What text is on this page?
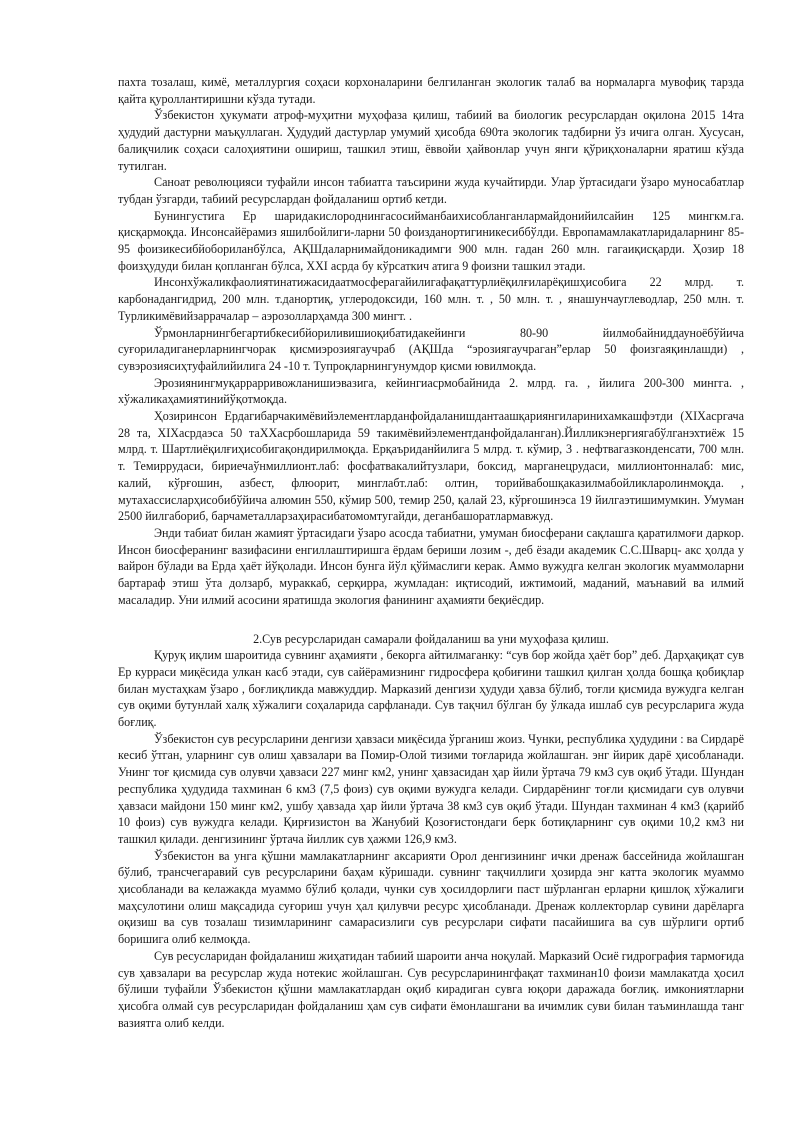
пахта тозалаш, кимё, металлургия соҳаси корхоналарини белгиланган экологик талаб ва нормаларга мувофиқ тарзда қайта қуроллантиришни кўзда тутади.

Ўзбекистон ҳукумати атроф-муҳитни муҳофаза қилиш, табиий ва биологик ресурслардан оқилона 2015 14та ҳудудий дастурни маъқуллаган. Ҳудудий дастурлар умумий ҳисобда 690та экологик тадбирни ўз ичига олган. Хусусан, балиқчилик соҳаси салоҳиятини ошириш, ташкил этиш, ёввойи ҳайвонлар учун янги қўриқхоналарни яратиш кўзда тутилган.

Саноат революцияси туфайли инсон табиатга таъсирини жуда кучайтирди. Улар ўртасидаги ўзаро муносабатлар тубдан ўзгарди, табиий ресурслардан фойдаланиш ортиб кетди.

Бунингустига Ер шаридакислороднингасосийманбаихисобланганлармайдонийилсайин 125 мингкм.га. қисқармоқда. Инсонсайёрамиз яшилбойлиги-ларни 50 фоизданортигиникесиббўлди. Европамамлакатларидаларнинг 85-95 фоизикесибйобориланбўлса, АҚШдаларнимайдоникадимги 900 млн. гадан 260 млн. гагаиқисқарди. Ҳозир 18 фоизҳудуди билан қопланган бўлса, ХХI асрда бу кўрсаткич атига 9 фоизни ташкил этади.

Инсонхўжаликфаолиятинатижасидаатмосферагайилигафақаттурлиёқилғиларёқишҳисобига 22 млрд. т. карбонадангидрид, 200 млн. т.данортиқ, углеродоксиди, 160 млн. т. , 50 млн. т. , янашунчауглеводлар, 250 млн. т. Турликимёвийзаррачалар – аэрозолларҳамда 300 мингт. .

Ўрмонларнингбегартибкесибйориливишиоқибатидакейинги 80-90 йилмобайниддауноёбўйича суғориладиганерларнингчорак қисмиэрозиягаучраб (АҚШда “эрозиягаучраган”ерлар 50 фоизгаяқинлашди) , сувэрозиясиҳтуфайлийилига 24 -10 т. Тупроқларнингунумдор қисми ювилмоқда.

Эрозиянингмуқаррарривожланишиэвазига, кейингиасрмобайнида 2. млрд. га. , йилига 200-300 мингга. , хўжаликаҳамиятинийўқотмоқда.

Ҳозиринсон Ердагибарчакимёвийэлементларданфойдаланишдантаашқариянгиларинихамкашфэтди (ХIХасргача 28 та, ХIХасрдаэса 50 таХХасрбошларида 59 такимёвийэлементданфойдаланган).Йилликэнергиягабўлганэхтиёж 15 млрд. т. Шартлиёқилғиҳисобигақондирилмоқда. Ерқаъриданйилига 5 млрд. т. кўмир, 3 . нефтвагазконденсати, 700 млн. т. Темиррудаси, бириечаўнмиллионт.лаб: фосфатвакалийтузлари, боксид, марганецрудаси, миллионтонналаб: мис, калий, кўрғошин, азбест, флюорит, минглабт.лаб: олтин, торийвабошқаказилмабойликларолинмоқда. , мутахассисларҳисобибўйича алюмин 550, кўмир 500, темир 250, қалай 23, кўрғошинэса 19 йилгаэтишимумкин. Умуман 2500 йилгабориб, барчаметалларзаҳирасибатомомтугайди, деганбашоратлармавжуд.

Энди табиат билан жамият ўртасидаги ўзаро асосда табиатни, умуман биосферани сақлашга қаратилмоғи даркор. Инсон биосферанинг вазифасини енгиллаштиришга ёрдам бериши лозим -, деб ёзади академик С.С.Шварц- акс ҳолда у вайрон бўлади ва Ерда ҳаёт йўқолади. Инсон бунга йўл қўймаслиги керак. Аммо вужудга келган экологик муаммоларни бартараф этиш ўта долзарб, мураккаб, серқирра, жумладан: иқтисодий, ижтимоий, маданий, маънавий ва илмий масаладир. Уни илмий асосини яратишда экология фанининг аҳамияти беқиёсдир.

2.Сув ресурсларидан самарали фойдаланиш ва уни муҳофаза қилиш.

Қуруқ иқлим шароитида сувнинг аҳамияти , бекорга айтилмаганку: “сув бор жойда ҳаёт бор” деб. Дарҳақиқат сув Ер курраси миқёсида улкан касб этади, сув сайёрамизнинг гидросфера қобиғини ташкил қилган ҳолда бошқа қобиқлар билан мустаҳкам ўзаро , боғлиқликда мавжуддир. Марказий денгизи ҳудуди ҳавза бўлиб, тоғли қисмида вужудга келган сув оқими бутунлай халқ хўжалиги соҳаларида сарфланади. Сув тақчил бўлган бу ўлкада ишлаб сув ресурсларига жуда боғлиқ.

Ўзбекистон сув ресурсларини денгизи ҳавзаси миқёсида ўрганиш жоиз. Чунки, республика ҳудудини : ва Сирдарё кесиб ўтган, уларнинг сув олиш ҳавзалари ва Помир-Олой тизими тоғларида жойлашган. энг йирик дарё ҳисобланади. Унинг тоғ қисмида сув олувчи ҳавзаси 227 минг км2, унинг ҳавзасидан ҳар йили ўртача 79 км3 сув оқиб ўтади. Шундан республика ҳудудида тахминан 6 км3 (7,5 фоиз) сув оқими вужудга келади. Сирдарёнинг тоғли қисмидаги сув олувчи ҳавзаси майдони 150 минг км2, ушбу ҳавзада ҳар йили ўртача 38 км3 сув оқиб ўтади. Шундан тахминан 4 км3 (қарийб 10 фоиз) сув вужудга келади. Қирғизистон ва Жанубий Қозоғистондаги берк ботиқларнинг сув оқими 10,2 км3 ни ташкил қилади. денгизининг ўртача йиллик сув ҳажми 126,9 км3.

Ўзбекистон ва унга қўшни мамлакатларнинг аксарияти Орол денгизининг ички дренаж бассейнида жойлашган бўлиб, трансчегаравий сув ресурсларини баҳам кўришади. сувнинг тақчиллиги ҳозирда энг катта экологик муаммо ҳисобланади ва келажакда муаммо бўлиб қолади, чунки сув ҳосилдорлиги паст шўрланган ерларни қишлоқ хўжалиги маҳсулотини олиш мақсадида суғориш учун ҳал қилувчи ресурс ҳисобланади. Дренаж коллекторлар сувини дарёларга оқизиш ва сув тозалаш тизимларининг самарасизлиги сув ресурслари сифати пасайишига ва сув шўрлиги ортиб боришига олиб келмоқда.

Сув ресусларидан фойдаланиш жиҳатидан табиий шароити анча ноқулай. Марказий Осиё гидрография тармоғида сув ҳавзалари ва ресурслар жуда нотекис жойлашган. Сув ресурсларинингфақат тахминан10 фоизи мамлакатда ҳосил бўлиши туфайли Ўзбекистон қўшни мамлакатлардан оқиб кирадиган сувга юқори даражада боғлиқ. имкониятларни ҳисобга олмай сув ресурсларидан фойдаланиш ҳам сув сифати ёмонлашгани ва ичимлик суви билан таъминлашда танг вазиятга олиб келди.
